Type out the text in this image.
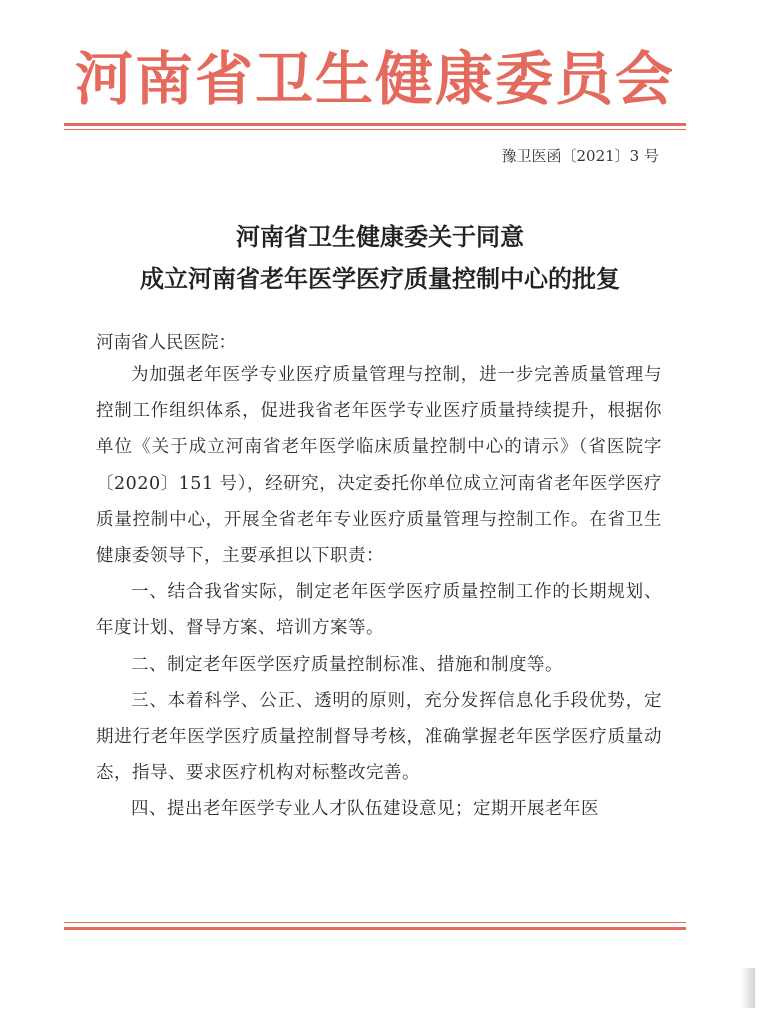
河南省卫生健康委员会
豫卫医函〔2021〕3 号
河南省卫生健康委关于同意
成立河南省老年医学医疗质量控制中心的批复
河南省人民医院：

为加强老年医学专业医疗质量管理与控制，进一步完善质量管理与控制工作组织体系，促进我省老年医学专业医疗质量持续提升，根据你单位《关于成立河南省老年医学临床质量控制中心的请示》（省医院字〔2020〕151 号），经研究，决定委托你单位成立河南省老年医学医疗质量控制中心，开展全省老年专业医疗质量管理与控制工作。在省卫生健康委领导下，主要承担以下职责：

一、结合我省实际，制定老年医学医疗质量控制工作的长期规划、年度计划、督导方案、培训方案等。

二、制定老年医学医疗质量控制标准、措施和制度等。

三、本着科学、公正、透明的原则，充分发挥信息化手段优势，定期进行老年医学医疗质量控制督导考核，准确掌握老年医学医疗质量动态，指导、要求医疗机构对标整改完善。

四、提出老年医学专业人才队伍建设意见；定期开展老年医
